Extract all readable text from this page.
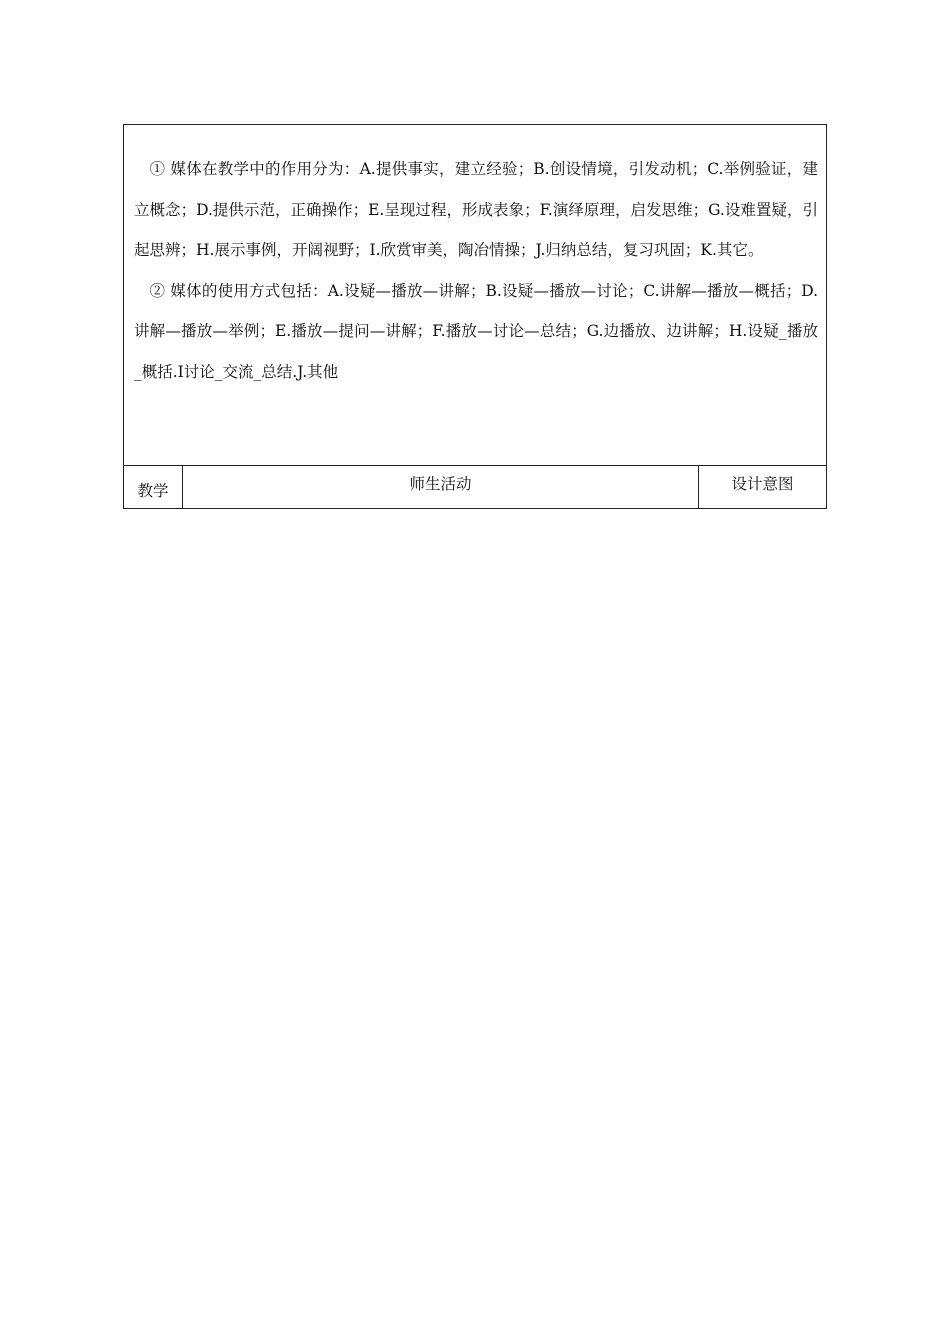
① 媒体在教学中的作用分为：A.提供事实，建立经验；B.创设情境，引发动机；C.举例验证，建立概念；D.提供示范，正确操作；E.呈现过程，形成表象；F.演绎原理，启发思维；G.设难置疑，引起思辨；H.展示事例，开阔视野；I.欣赏审美，陶冶情操；J.归纳总结，复习巩固；K.其它。

② 媒体的使用方式包括：A.设疑—播放—讲解；B.设疑—播放—讨论；C.讲解—播放—概括；D.讲解—播放—举例；E.播放—提问—讲解；F.播放—讨论—总结；G.边播放、边讲解；H.设疑_播放_概括.I讨论_交流_总结.J.其他

教学	师生活动	设计意图
